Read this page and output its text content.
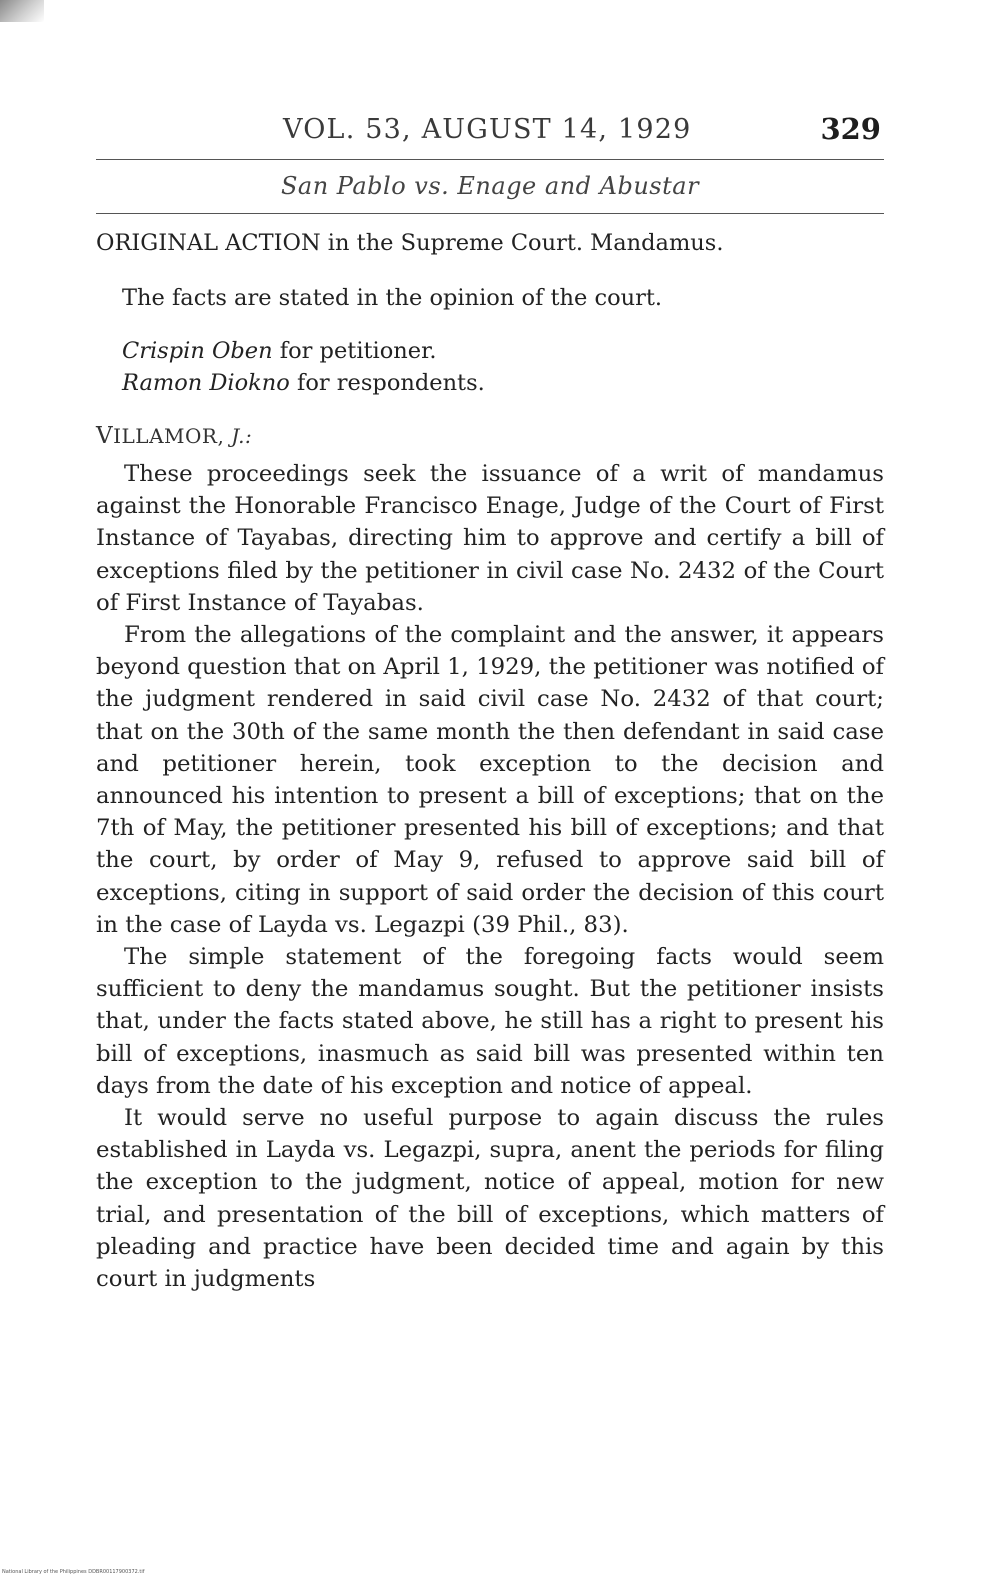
VOL. 53, AUGUST 14, 1929	329
San Pablo vs. Enage and Abustar
ORIGINAL ACTION in the Supreme Court. Mandamus.
The facts are stated in the opinion of the court.
Crispin Oben for petitioner.
Ramon Diokno for respondents.
VILLAMOR, J.:

These proceedings seek the issuance of a writ of mandamus against the Honorable Francisco Enage, Judge of the Court of First Instance of Tayabas, directing him to approve and certify a bill of exceptions filed by the petitioner in civil case No. 2432 of the Court of First Instance of Tayabas.

From the allegations of the complaint and the answer, it appears beyond question that on April 1, 1929, the petitioner was notified of the judgment rendered in said civil case No. 2432 of that court; that on the 30th of the same month the then defendant in said case and petitioner herein, took exception to the decision and announced his intention to present a bill of exceptions; that on the 7th of May, the petitioner presented his bill of exceptions; and that the court, by order of May 9, refused to approve said bill of exceptions, citing in support of said order the decision of this court in the case of Layda vs. Legazpi (39 Phil., 83).

The simple statement of the foregoing facts would seem sufficient to deny the mandamus sought. But the petitioner insists that, under the facts stated above, he still has a right to present his bill of exceptions, inasmuch as said bill was presented within ten days from the date of his exception and notice of appeal.

It would serve no useful purpose to again discuss the rules established in Layda vs. Legazpi, supra, anent the periods for filing the exception to the judgment, notice of appeal, motion for new trial, and presentation of the bill of exceptions, which matters of pleading and practice have been decided time and again by this court in judgments

National Library of the Philippines DDBR00117900372.tif
